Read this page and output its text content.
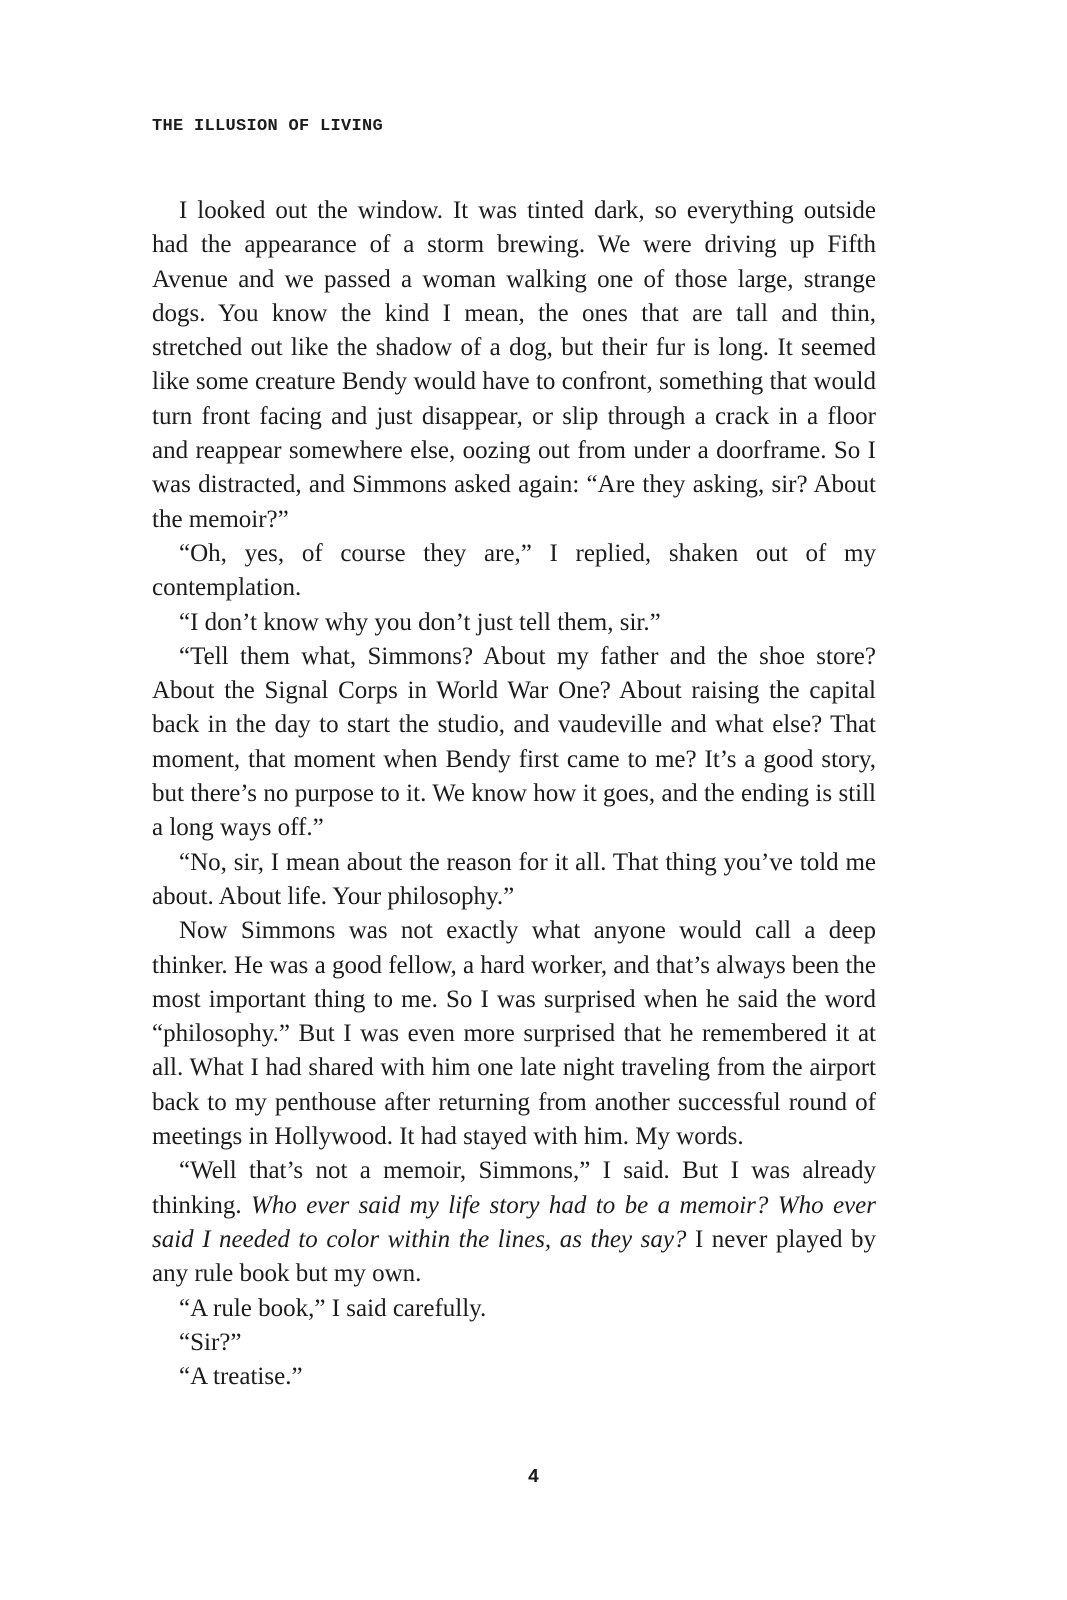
THE ILLUSION OF LIVING

I looked out the window. It was tinted dark, so everything outside had the appearance of a storm brewing. We were driving up Fifth Avenue and we passed a woman walking one of those large, strange dogs. You know the kind I mean, the ones that are tall and thin, stretched out like the shadow of a dog, but their fur is long. It seemed like some creature Bendy would have to confront, something that would turn front facing and just disappear, or slip through a crack in a floor and reappear somewhere else, oozing out from under a doorframe. So I was distracted, and Simmons asked again: “Are they asking, sir? About the memoir?”

“Oh, yes, of course they are,” I replied, shaken out of my contemplation.

“I don’t know why you don’t just tell them, sir.”

“Tell them what, Simmons? About my father and the shoe store? About the Signal Corps in World War One? About raising the capital back in the day to start the studio, and vaudeville and what else? That moment, that moment when Bendy first came to me? It’s a good story, but there’s no purpose to it. We know how it goes, and the ending is still a long ways off.”

“No, sir, I mean about the reason for it all. That thing you’ve told me about. About life. Your philosophy.”

Now Simmons was not exactly what anyone would call a deep thinker. He was a good fellow, a hard worker, and that’s always been the most important thing to me. So I was surprised when he said the word “philosophy.” But I was even more surprised that he remembered it at all. What I had shared with him one late night traveling from the airport back to my penthouse after returning from another successful round of meetings in Hollywood. It had stayed with him. My words.

“Well that’s not a memoir, Simmons,” I said. But I was already thinking. Who ever said my life story had to be a memoir? Who ever said I needed to color within the lines, as they say? I never played by any rule book but my own.

“A rule book,” I said carefully.

“Sir?”

“A treatise.”

4
